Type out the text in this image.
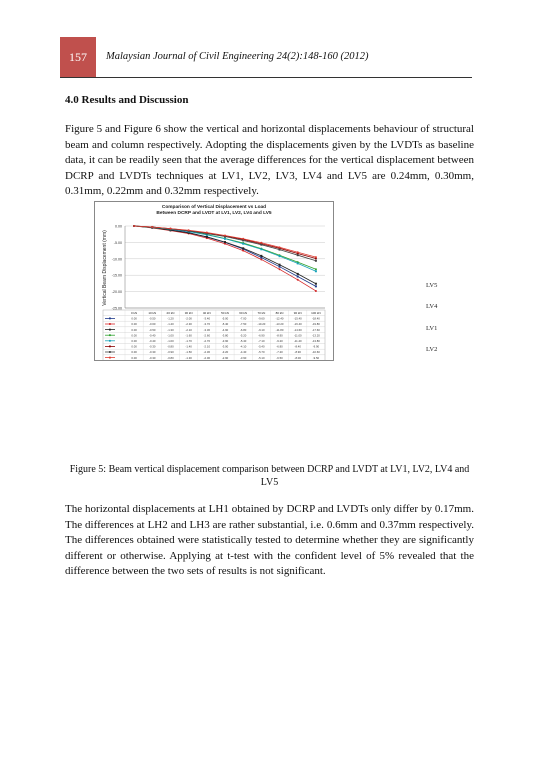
157	Malaysian Journal of Civil Engineering 24(2):148-160 (2012)
4.0 Results and Discussion

Figure 5 and Figure 6 show the vertical and horizontal displacements behaviour of structural beam and column respectively. Adopting the displacements given by the LVDTs as baseline data, it can be readily seen that the average differences for the vertical displacement between DCRP and LVDTs techniques at LV1, LV2, LV3, LV4 and LV5 are 0.24mm, 0.30mm, 0.31mm, 0.22mm and 0.32mm respectively.

Comparison of Vertical Displacement vs Load
Between DCRP and LVDT at LV1, LV2, LV4 and LV5
Vertical Beam Displacement (mm)
0.00
-5.00
-10.00
-15.00
-20.00
-25.00
0 kN	10 kN	20 kN	30 kN	40 kN	50 kN	60 kN	70 kN	80 kN	90 kN	100 kN
0.00	-0.50	-1.20	-2.00	-3.40	-5.00	-7.00	-9.60	-12.40	-15.40	-18.40
0.00	-0.60	-1.40	-2.30	-3.70	-5.40	-7.50	-10.20	-13.20	-16.40	-19.80
0.00	-0.50	-1.30	-2.10	-3.30	-4.90	-6.80	-9.10	-11.80	-14.60	-17.60
0.00	-0.40	-1.00	-1.60	-2.60	-3.80	-5.20	-6.90	-8.90	-11.00	-13.20
0.00	-0.40	-1.00	-1.70	-2.70	-3.90	-5.40	-7.10	-9.20	-11.40	-13.80
0.00	-0.30	-0.80	-1.40	-2.10	-3.00	-4.10	-5.40	-6.80	-8.40	-9.90
0.00	-0.30	-0.90	-1.50	-2.30	-3.20	-4.40	-5.70	-7.20	-8.90	-10.60
0.00	-0.30	-0.80	-1.30	-2.00	-2.90	-3.90	-5.10	-6.50	-8.00	-9.50
LV5
LV4
LV1
LV2
Figure 5: Beam vertical displacement comparison between DCRP and LVDT at LV1, LV2, LV4 and LV5

The horizontal displacements at LH1 obtained by DCRP and LVDTs only differ by 0.17mm. The differences at LH2 and LH3 are rather substantial, i.e. 0.6mm and 0.37mm respectively. The differences obtained were statistically tested to determine whether they are significantly different or otherwise. Applying at t-test with the confident level of 5% revealed that the difference between the two sets of results is not significant.
